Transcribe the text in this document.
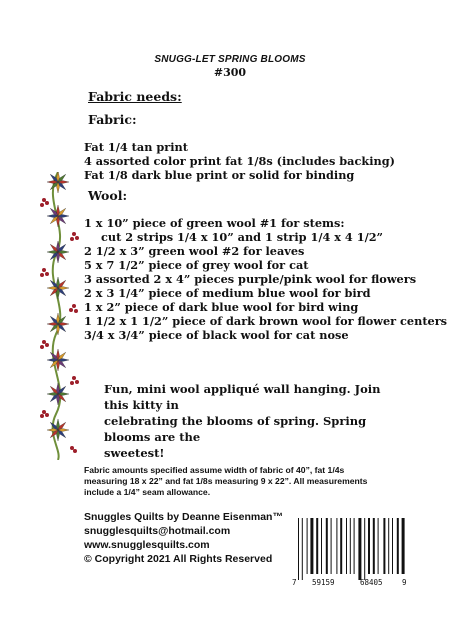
SNUGG-LET SPRING BLOOMS
#300
Fabric needs:
Fabric:
Fat 1/4 tan print
4 assorted color print fat 1/8s (includes backing)
Fat 1/8 dark blue print or solid for binding
Wool:
1 x 10” piece of green wool #1 for stems:
cut 2 strips 1/4 x 10” and 1 strip 1/4 x 4 1/2”
2 1/2 x 3” green wool #2 for leaves
5 x 7 1/2” piece of grey wool for cat
3 assorted 2 x 4” pieces purple/pink wool for flowers
2 x 3 1/4” piece of medium blue wool for bird
1 x 2” piece of dark blue wool for bird wing
1 1/2 x 1 1/2” piece of dark brown wool for flower centers
3/4 x 3/4” piece of black wool for cat nose
Fun, mini wool appliqué wall hanging. Join this kitty in
celebrating the blooms of spring. Spring blooms are the
sweetest!
Fabric amounts specified assume width of fabric of 40”, fat 1/4s
measuring 18 x 22” and fat 1/8s measuring 9 x 22”. All measurements
include a 1/4” seam allowance.
Snuggles Quilts by Deanne Eisenman™
snugglesquilts@hotmail.com
www.snugglesquilts.com
© Copyright 2021 All Rights Reserved
7 59159	68405	9
